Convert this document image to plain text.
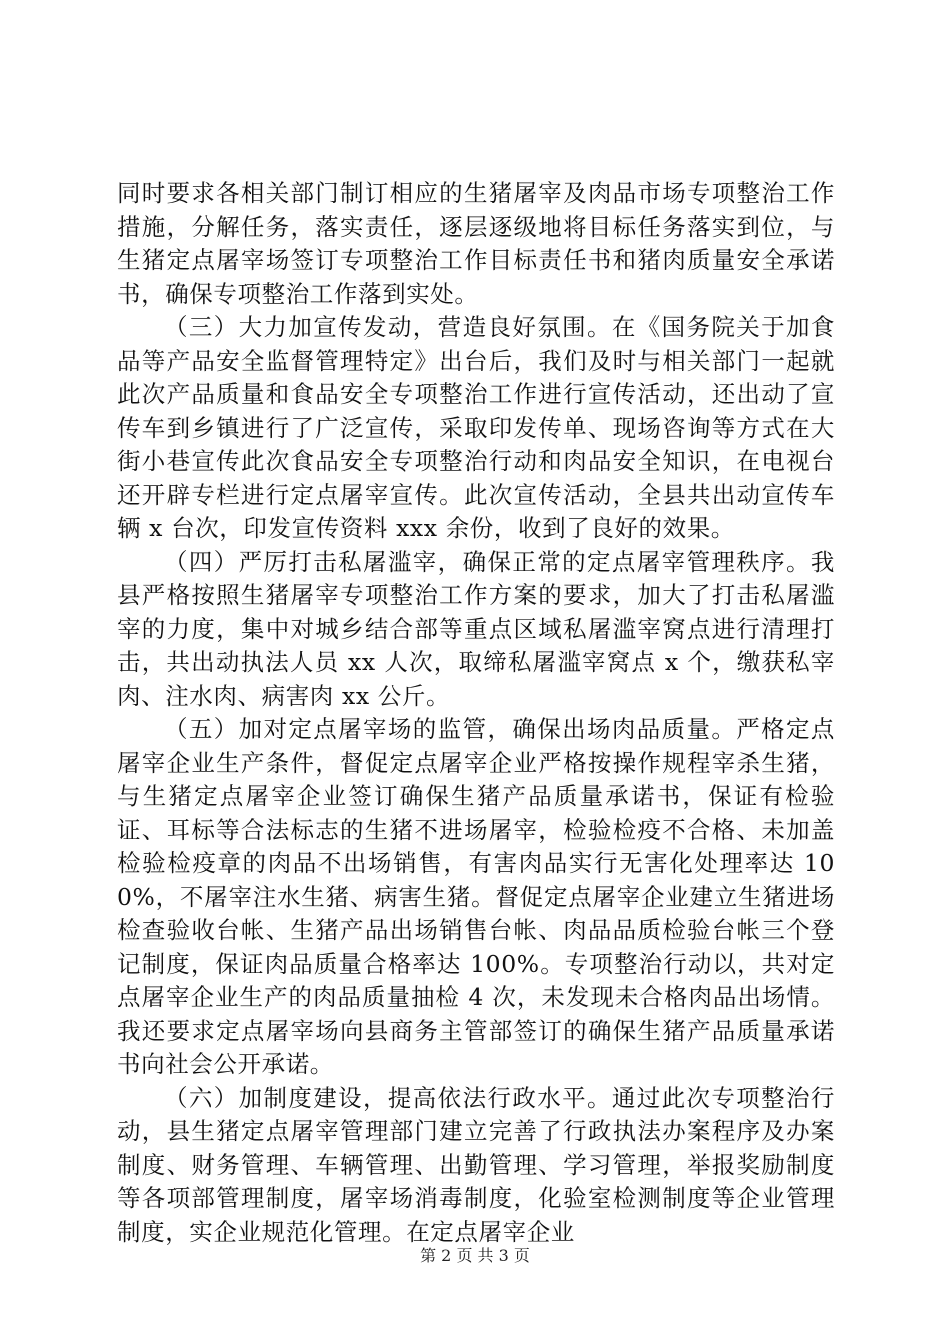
同时要求各相关部门制订相应的生猪屠宰及肉品市场专项整治工作措施，分解任务，落实责任，逐层逐级地将目标任务落实到位，与生猪定点屠宰场签订专项整治工作目标责任书和猪肉质量安全承诺书，确保专项整治工作落到实处。

（三）大力加宣传发动，营造良好氛围。在《国务院关于加食品等产品安全监督管理特定》出台后，我们及时与相关部门一起就此次产品质量和食品安全专项整治工作进行宣传活动，还出动了宣传车到乡镇进行了广泛宣传，采取印发传单、现场咨询等方式在大街小巷宣传此次食品安全专项整治行动和肉品安全知识，在电视台还开辟专栏进行定点屠宰宣传。此次宣传活动，全县共出动宣传车辆 x 台次，印发宣传资料 xxx 余份，收到了良好的效果。

（四）严厉打击私屠滥宰，确保正常的定点屠宰管理秩序。我县严格按照生猪屠宰专项整治工作方案的要求，加大了打击私屠滥宰的力度，集中对城乡结合部等重点区域私屠滥宰窝点进行清理打击，共出动执法人员 xx 人次，取缔私屠滥宰窝点 x 个，缴获私宰肉、注水肉、病害肉 xx 公斤。

（五）加对定点屠宰场的监管，确保出场肉品质量。严格定点屠宰企业生产条件，督促定点屠宰企业严格按操作规程宰杀生猪，与生猪定点屠宰企业签订确保生猪产品质量承诺书，保证有检验证、耳标等合法标志的生猪不进场屠宰，检验检疫不合格、未加盖检验检疫章的肉品不出场销售，有害肉品实行无害化处理率达 100%，不屠宰注水生猪、病害生猪。督促定点屠宰企业建立生猪进场检查验收台帐、生猪产品出场销售台帐、肉品品质检验台帐三个登记制度，保证肉品质量合格率达 100%。专项整治行动以，共对定点屠宰企业生产的肉品质量抽检 4 次，未发现未合格肉品出场情。我还要求定点屠宰场向县商务主管部签订的确保生猪产品质量承诺书向社会公开承诺。

（六）加制度建设，提高依法行政水平。通过此次专项整治行动，县生猪定点屠宰管理部门建立完善了行政执法办案程序及办案制度、财务管理、车辆管理、出勤管理、学习管理，举报奖励制度等各项部管理制度，屠宰场消毒制度，化验室检测制度等企业管理制度，实企业规范化管理。在定点屠宰企业

第 2 页 共 3 页
